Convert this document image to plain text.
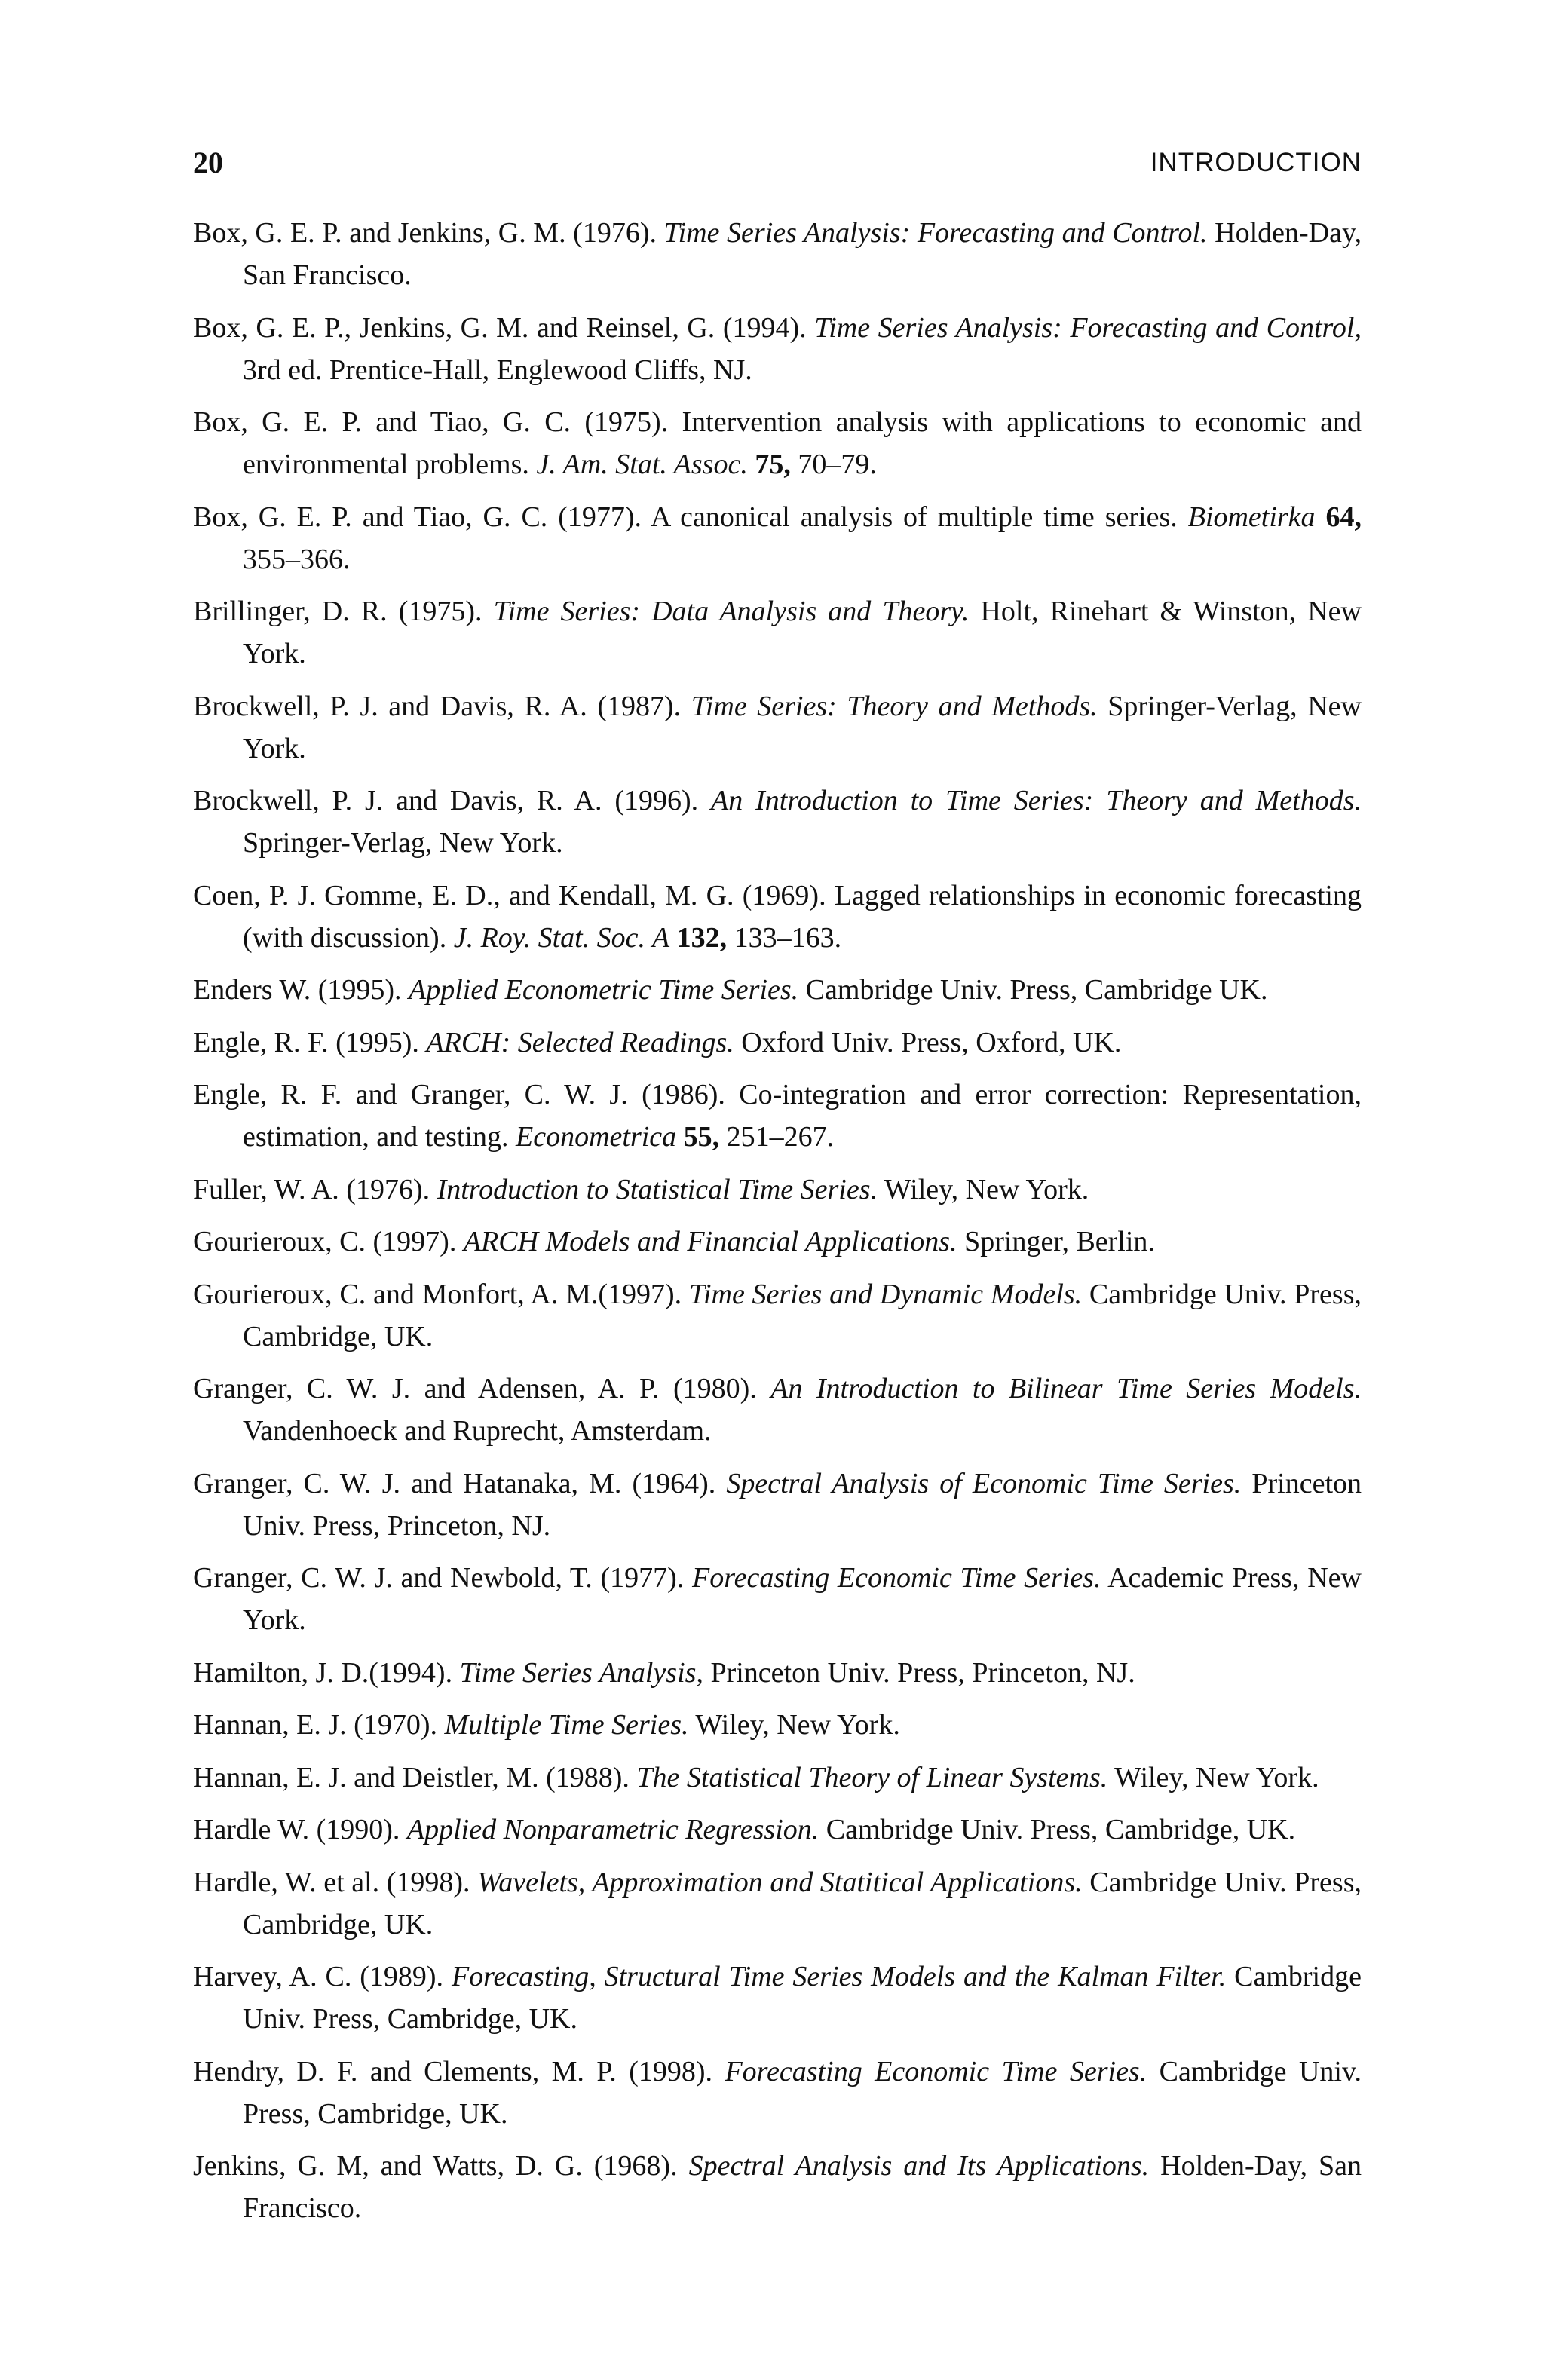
20	INTRODUCTION
Box, G. E. P. and Jenkins, G. M. (1976). Time Series Analysis: Forecasting and Control. Holden-Day, San Francisco.
Box, G. E. P., Jenkins, G. M. and Reinsel, G. (1994). Time Series Analysis: Forecasting and Control, 3rd ed. Prentice-Hall, Englewood Cliffs, NJ.
Box, G. E. P. and Tiao, G. C. (1975). Intervention analysis with applications to economic and environmental problems. J. Am. Stat. Assoc. 75, 70–79.
Box, G. E. P. and Tiao, G. C. (1977). A canonical analysis of multiple time series. Biometirka 64, 355–366.
Brillinger, D. R. (1975). Time Series: Data Analysis and Theory. Holt, Rinehart & Winston, New York.
Brockwell, P. J. and Davis, R. A. (1987). Time Series: Theory and Methods. Springer-Verlag, New York.
Brockwell, P. J. and Davis, R. A. (1996). An Introduction to Time Series: Theory and Methods. Springer-Verlag, New York.
Coen, P. J. Gomme, E. D., and Kendall, M. G. (1969). Lagged relationships in economic forecasting (with discussion). J. Roy. Stat. Soc. A 132, 133–163.
Enders W. (1995). Applied Econometric Time Series. Cambridge Univ. Press, Cambridge UK.
Engle, R. F. (1995). ARCH: Selected Readings. Oxford Univ. Press, Oxford, UK.
Engle, R. F. and Granger, C. W. J. (1986). Co-integration and error correction: Representation, estimation, and testing. Econometrica 55, 251–267.
Fuller, W. A. (1976). Introduction to Statistical Time Series. Wiley, New York.
Gourieroux, C. (1997). ARCH Models and Financial Applications. Springer, Berlin.
Gourieroux, C. and Monfort, A. M.(1997). Time Series and Dynamic Models. Cambridge Univ. Press, Cambridge, UK.
Granger, C. W. J. and Adensen, A. P. (1980). An Introduction to Bilinear Time Series Models. Vandenhoeck and Ruprecht, Amsterdam.
Granger, C. W. J. and Hatanaka, M. (1964). Spectral Analysis of Economic Time Series. Princeton Univ. Press, Princeton, NJ.
Granger, C. W. J. and Newbold, T. (1977). Forecasting Economic Time Series. Academic Press, New York.
Hamilton, J. D.(1994). Time Series Analysis, Princeton Univ. Press, Princeton, NJ.
Hannan, E. J. (1970). Multiple Time Series. Wiley, New York.
Hannan, E. J. and Deistler, M. (1988). The Statistical Theory of Linear Systems. Wiley, New York.
Hardle W. (1990). Applied Nonparametric Regression. Cambridge Univ. Press, Cambridge, UK.
Hardle, W. et al. (1998). Wavelets, Approximation and Statitical Applications. Cambridge Univ. Press, Cambridge, UK.
Harvey, A. C. (1989). Forecasting, Structural Time Series Models and the Kalman Filter. Cambridge Univ. Press, Cambridge, UK.
Hendry, D. F. and Clements, M. P. (1998). Forecasting Economic Time Series. Cambridge Univ. Press, Cambridge, UK.
Jenkins, G. M, and Watts, D. G. (1968). Spectral Analysis and Its Applications. Holden-Day, San Francisco.
